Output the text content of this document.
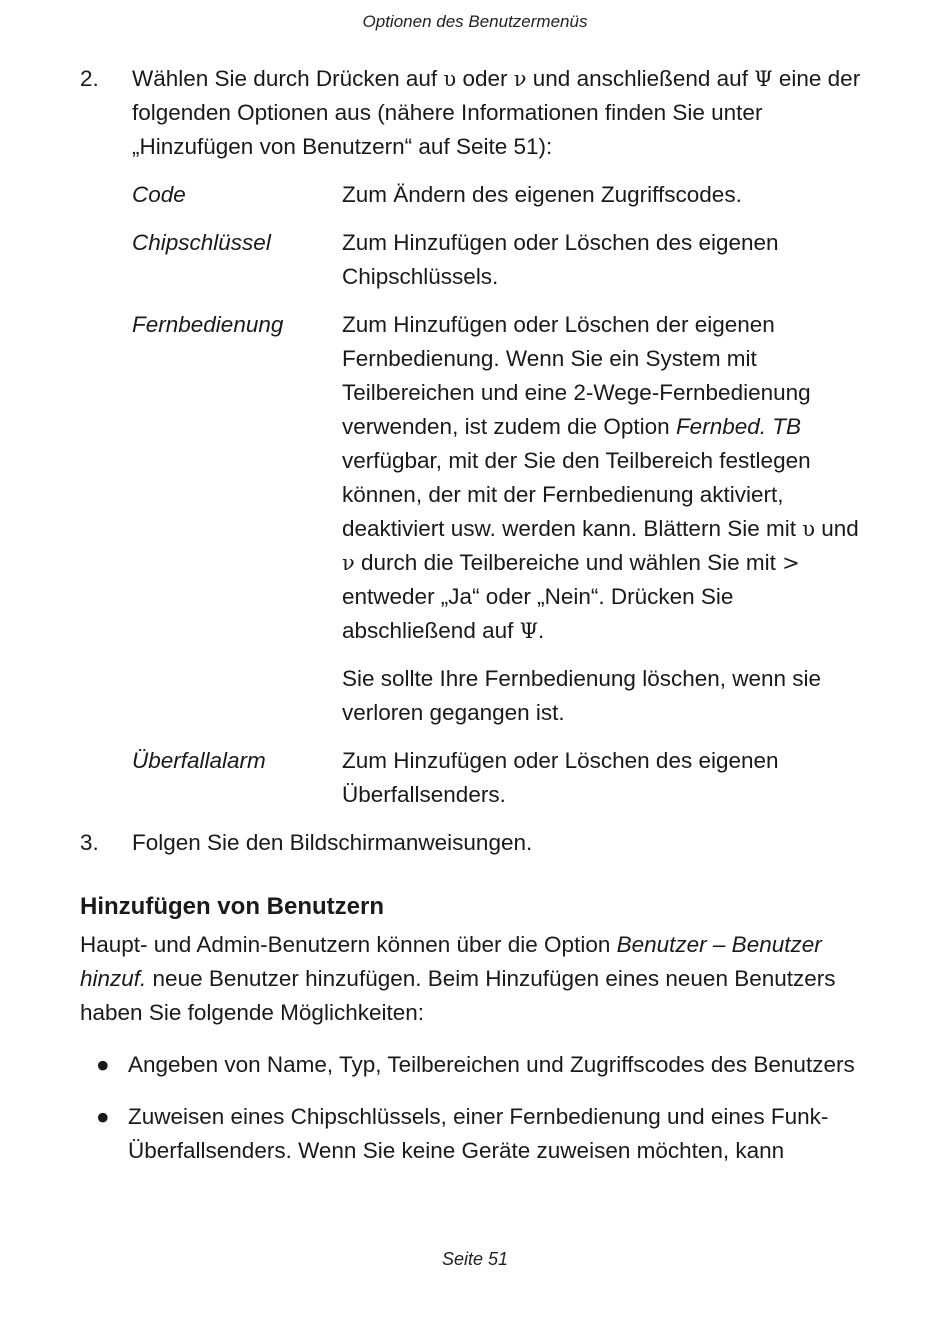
Optionen des Benutzermenüs
2.	Wählen Sie durch Drücken auf υ oder ν und anschließend auf Ψ eine der folgenden Optionen aus (nähere Informationen finden Sie unter „Hinzufügen von Benutzern“ auf Seite 51):
Code	Zum Ändern des eigenen Zugriffscodes.

Chipschlüssel	Zum Hinzufügen oder Löschen des eigenen Chipschlüssels.

Fernbedienung	Zum Hinzufügen oder Löschen der eigenen Fernbedienung. Wenn Sie ein System mit Teilbereichen und eine 2-Wege-Fernbedienung verwenden, ist zudem die Option Fernbed. TB verfügbar, mit der Sie den Teilbereich festlegen können, der mit der Fernbedienung aktiviert, deaktiviert usw. werden kann. Blättern Sie mit υ und ν durch die Teilbereiche und wählen Sie mit > entweder „Ja“ oder „Nein“. Drücken Sie abschließend auf Ψ.

Sie sollte Ihre Fernbedienung löschen, wenn sie verloren gegangen ist.

Überfallalarm	Zum Hinzufügen oder Löschen des eigenen Überfallsenders.

3.	Folgen Sie den Bildschirmanweisungen.
Hinzufügen von Benutzern

Haupt- und Admin-Benutzern können über die Option Benutzer – Benutzer hinzuf. neue Benutzer hinzufügen. Beim Hinzufügen eines neuen Benutzers haben Sie folgende Möglichkeiten:

● Angeben von Name, Typ, Teilbereichen und Zugriffscodes des Benutzers
● Zuweisen eines Chipschlüssels, einer Fernbedienung und eines Funk-Überfallsenders. Wenn Sie keine Geräte zuweisen möchten, kann
Seite 51
